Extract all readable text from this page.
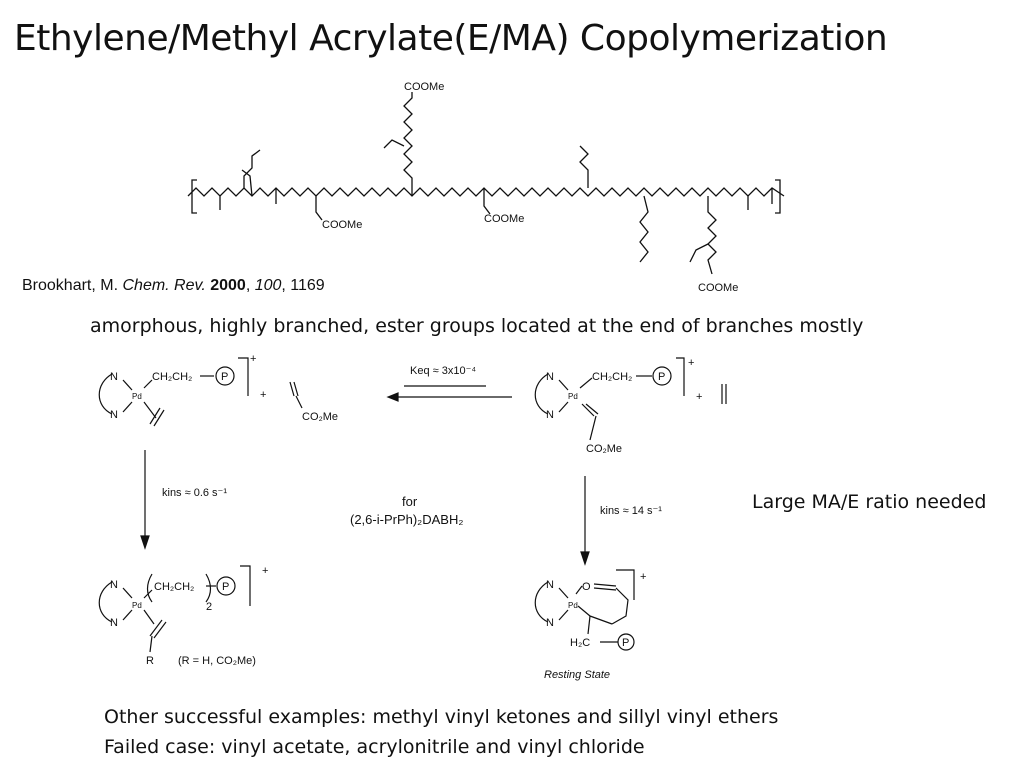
Ethylene/Methyl Acrylate(E/MA) Copolymerization
COOMe
COOMe	COOMe
COOMe
N
N
Pd
CH₂CH₂	P
+
+
CO₂Me
Keq ≈ 3x10⁻⁴	N
N
Pd
CH₂CH₂ P
+
+
CO₂Me
kins ≈ 0.6 s⁻¹
kins ≈ 14 s⁻¹
for
(2,6-i-PrPh)₂DABH₂
N
N
Pd
CH₂CH₂	P
2
+
R (R = H, CO₂Me)
N
N
Pd
O
H₂C	P
+
Resting State
Brookhart, M. Chem. Rev. 2000, 100, 1169
amorphous, highly branched, ester groups located at the end of branches mostly
Large MA/E ratio needed
Other successful examples: methyl vinyl ketones and sillyl vinyl ethers
Failed case: vinyl acetate, acrylonitrile and vinyl chloride
